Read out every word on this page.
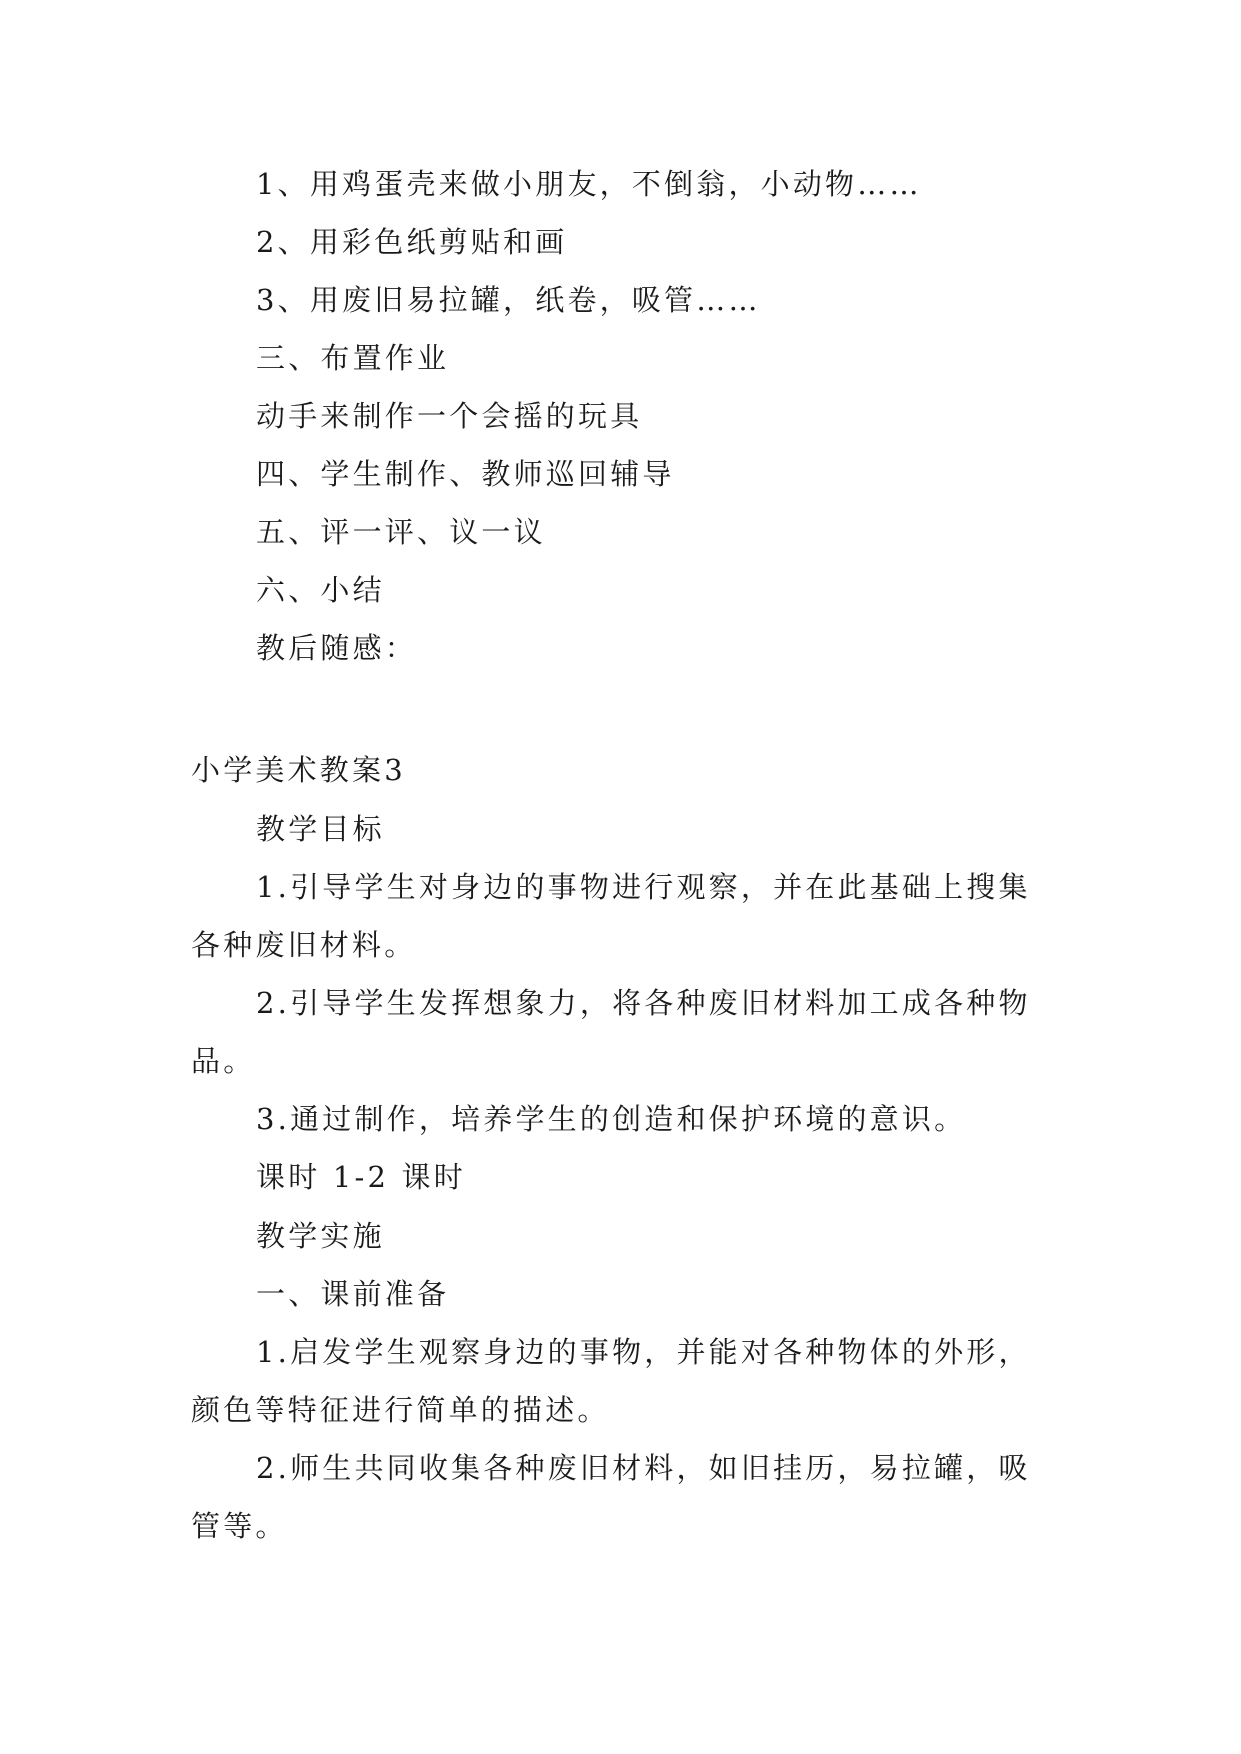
1、用鸡蛋壳来做小朋友，不倒翁，小动物……
2、用彩色纸剪贴和画
3、用废旧易拉罐，纸卷，吸管……
三、布置作业
动手来制作一个会摇的玩具
四、学生制作、教师巡回辅导
五、评一评、议一议
六、小结
教后随感：
小学美术教案3
教学目标
1.引导学生对身边的事物进行观察，并在此基础上搜集
各种废旧材料。
2.引导学生发挥想象力，将各种废旧材料加工成各种物
品。
3.通过制作，培养学生的创造和保护环境的意识。
课时 1-2 课时
教学实施
一、课前准备
1.启发学生观察身边的事物，并能对各种物体的外形，
颜色等特征进行简单的描述。
2.师生共同收集各种废旧材料，如旧挂历，易拉罐，吸
管等。
